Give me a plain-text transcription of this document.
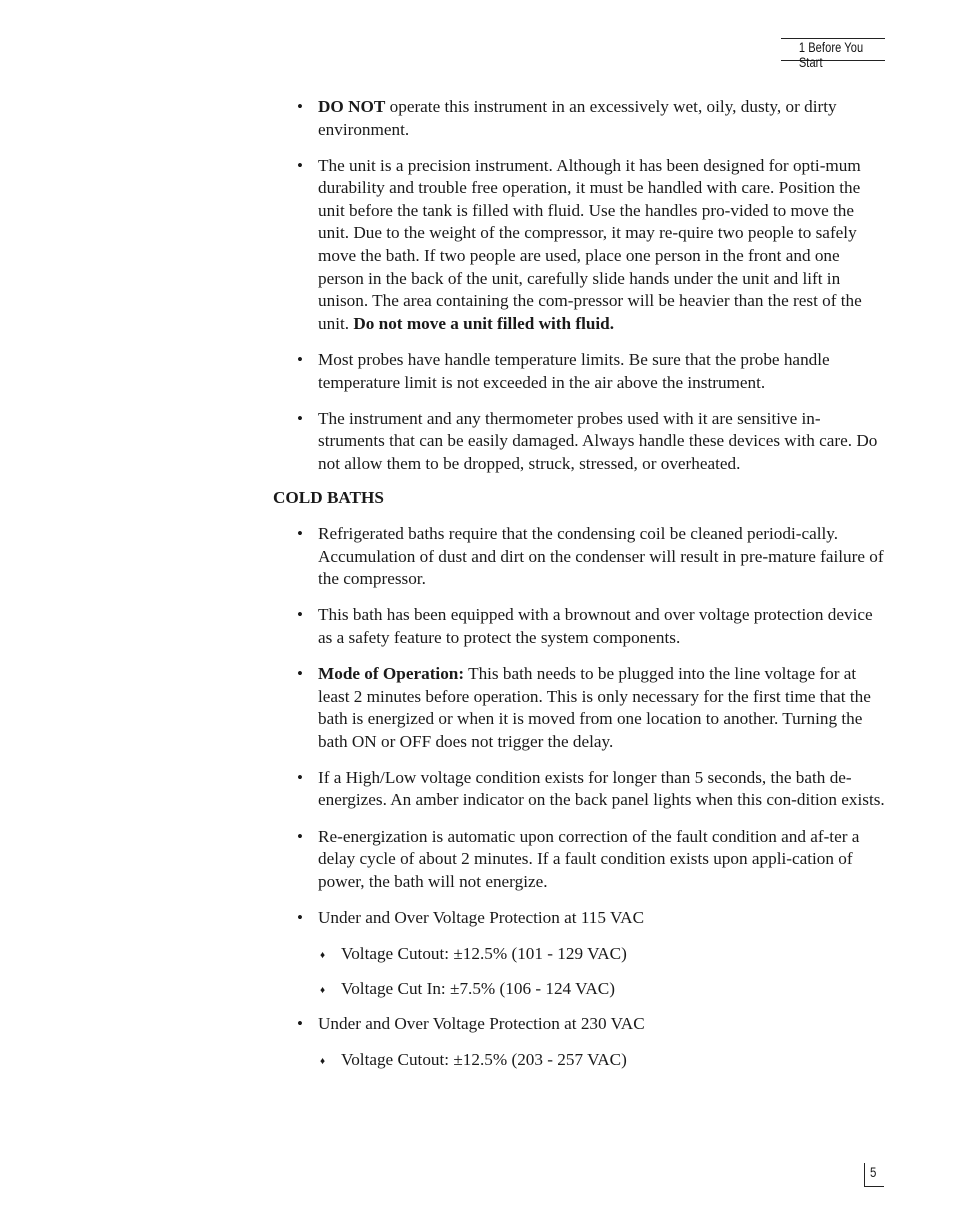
1 Before You Start
• DO NOT operate this instrument in an excessively wet, oily, dusty, or dirty environment.
• The unit is a precision instrument. Although it has been designed for opti-mum durability and trouble free operation, it must be handled with care. Position the unit before the tank is filled with fluid. Use the handles pro-vided to move the unit. Due to the weight of the compressor, it may re-quire two people to safely move the bath. If two people are used, place one person in the front and one person in the back of the unit, carefully slide hands under the unit and lift in unison. The area containing the com-pressor will be heavier than the rest of the unit. Do not move a unit filled with fluid.
• Most probes have handle temperature limits. Be sure that the probe handle temperature limit is not exceeded in the air above the instrument.
• The instrument and any thermometer probes used with it are sensitive in-struments that can be easily damaged. Always handle these devices with care. Do not allow them to be dropped, struck, stressed, or overheated.
COLD BATHS
• Refrigerated baths require that the condensing coil be cleaned periodi-cally. Accumulation of dust and dirt on the condenser will result in pre-mature failure of the compressor.
• This bath has been equipped with a brownout and over voltage protection device as a safety feature to protect the system components.
• Mode of Operation: This bath needs to be plugged into the line voltage for at least 2 minutes before operation. This is only necessary for the first time that the bath is energized or when it is moved from one location to another. Turning the bath ON or OFF does not trigger the delay.
• If a High/Low voltage condition exists for longer than 5 seconds, the bath de-energizes. An amber indicator on the back panel lights when this con-dition exists.
• Re-energization is automatic upon correction of the fault condition and af-ter a delay cycle of about 2 minutes. If a fault condition exists upon appli-cation of power, the bath will not energize.
• Under and Over Voltage Protection at 115 VAC
♦ Voltage Cutout: ±12.5% (101 - 129 VAC)
♦ Voltage Cut In: ±7.5% (106 - 124 VAC)
• Under and Over Voltage Protection at 230 VAC
♦ Voltage Cutout: ±12.5% (203 - 257 VAC)
5
